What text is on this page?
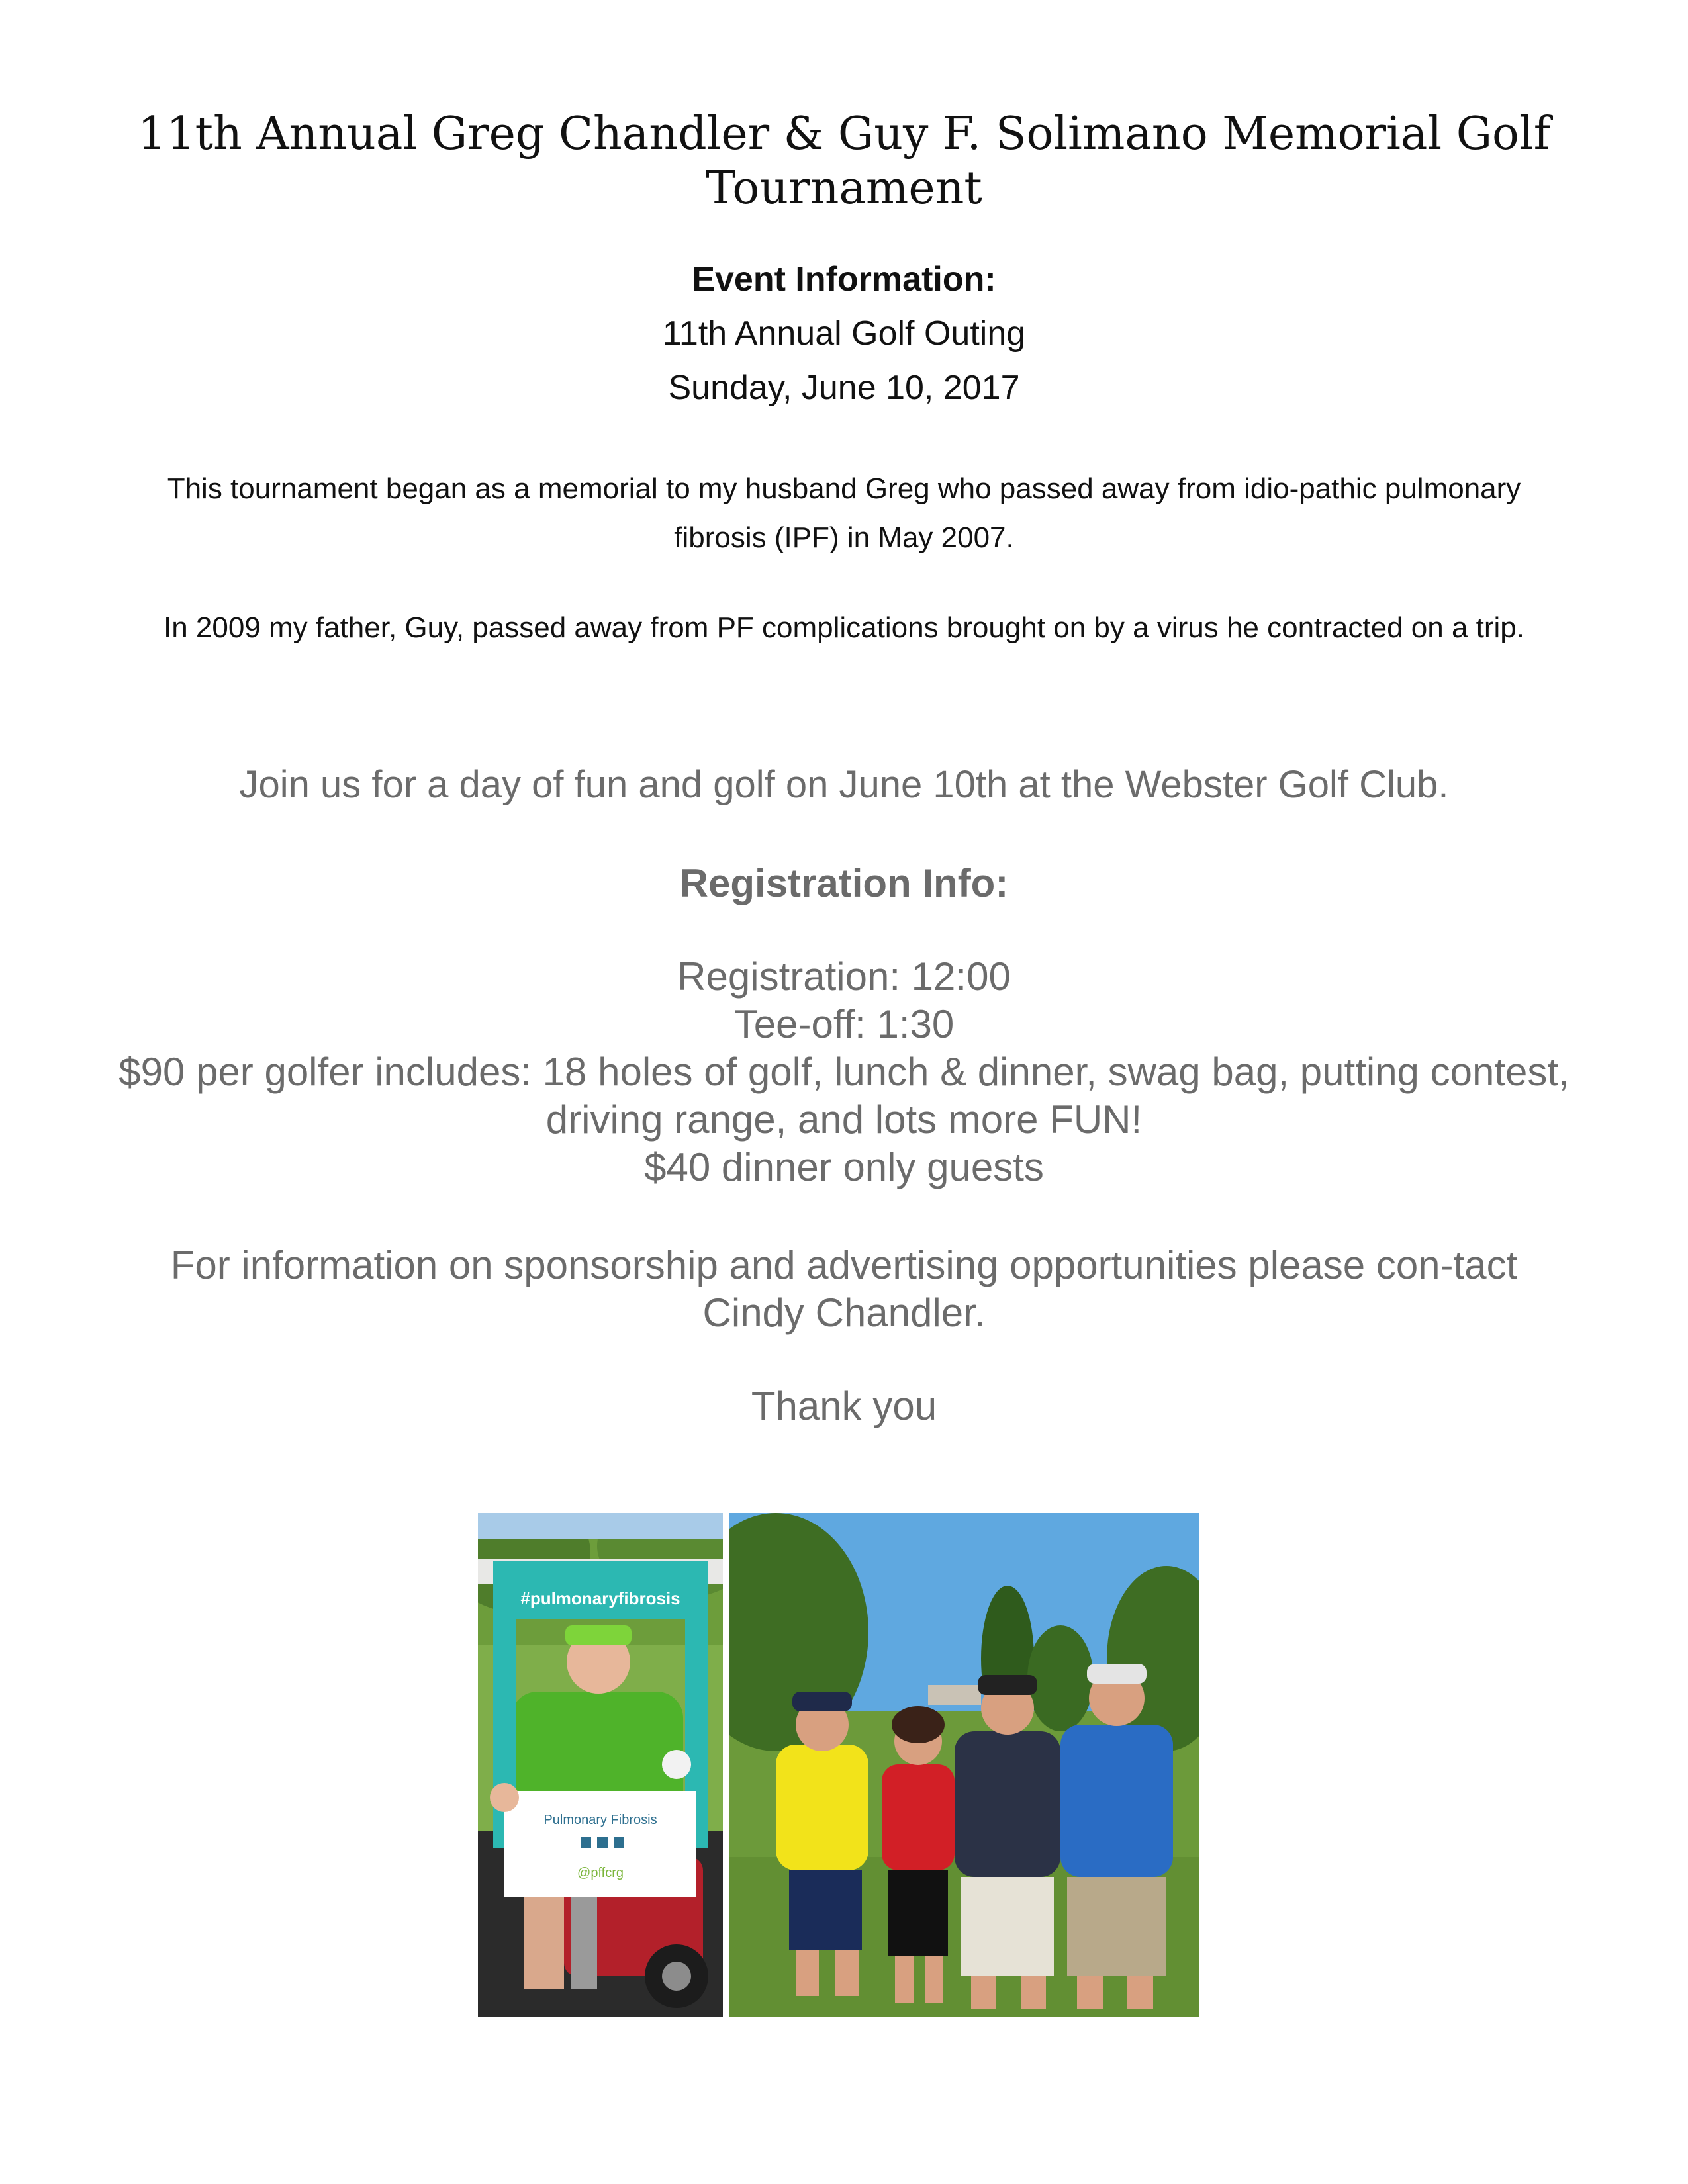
11th Annual Greg Chandler & Guy F. Solimano Memorial Golf Tournament
Event Information:
11th Annual Golf Outing
Sunday, June 10, 2017
This tournament began as a memorial to my husband Greg who passed away from idio-pathic pulmonary fibrosis (IPF) in May 2007.
In 2009 my father, Guy, passed away from PF complications brought on by a virus he contracted on a trip.
Join us for a day of fun and golf on June 10th at the Webster Golf Club.
Registration Info:
Registration: 12:00
Tee-off: 1:30
$90 per golfer includes: 18 holes of golf, lunch & dinner, swag bag, putting contest, driving range, and lots more FUN!
$40 dinner only guests
For information on sponsorship and advertising opportunities please con-tact Cindy Chandler.
Thank you
#pulmonaryfibrosis
Pulmonary Fibrosis
@pffcrg
